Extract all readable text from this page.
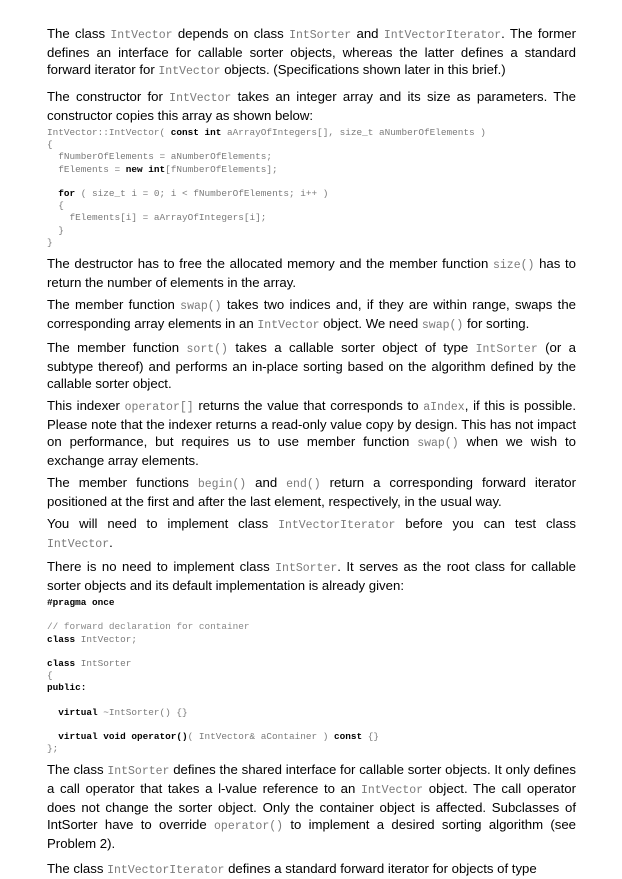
The class IntVector depends on class IntSorter and IntVectorIterator. The former defines an interface for callable sorter objects, whereas the latter defines a standard forward iterator for IntVector objects. (Specifications shown later in this brief.)

The constructor for IntVector takes an integer array and its size as parameters. The constructor copies this array as shown below:

IntVector::IntVector( const int aArrayOfIntegers[], size_t aNumberOfElements )
{
fNumberOfElements = aNumberOfElements;
fElements = new int[fNumberOfElements];

for ( size_t i = 0; i < fNumberOfElements; i++ )
{
fElements[i] = aArrayOfIntegers[i];
}
}

The destructor has to free the allocated memory and the member function size() has to return the number of elements in the array.

The member function swap() takes two indices and, if they are within range, swaps the corresponding array elements in an IntVector object. We need swap() for sorting.

The member function sort() takes a callable sorter object of type IntSorter (or a subtype thereof) and performs an in-place sorting based on the algorithm defined by the callable sorter object.

This indexer operator[] returns the value that corresponds to aIndex, if this is possible. Please note that the indexer returns a read-only value copy by design. This has not impact on performance, but requires us to use member function swap() when we wish to exchange array elements.

The member functions begin() and end() return a corresponding forward iterator positioned at the first and after the last element, respectively, in the usual way.

You will need to implement class IntVectorIterator before you can test class IntVector.

There is no need to implement class IntSorter. It serves as the root class for callable sorter objects and its default implementation is already given:

#pragma once

// forward declaration for container
class IntVector;

class IntSorter
{
public:

virtual ~IntSorter() {}

virtual void operator()( IntVector& aContainer ) const {}
};

The class IntSorter defines the shared interface for callable sorter objects. It only defines a call operator that takes a l-value reference to an IntVector object. The call operator does not change the sorter object. Only the container object is affected. Subclasses of IntSorter have to override operator() to implement a desired sorting algorithm (see Problem 2).

The class IntVectorIterator defines a standard forward iterator for objects of type
